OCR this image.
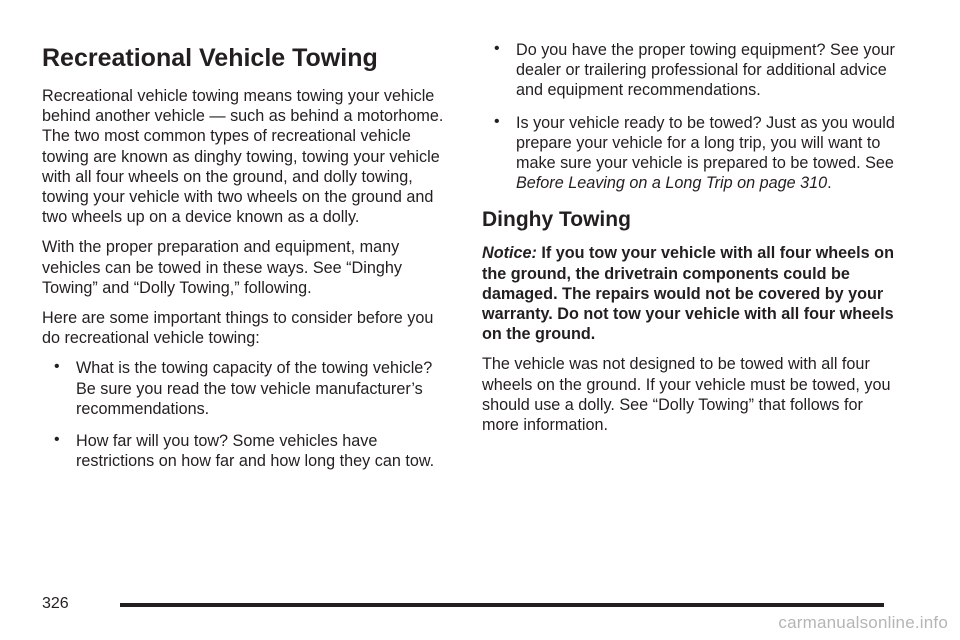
Recreational Vehicle Towing

Recreational vehicle towing means towing your vehicle behind another vehicle — such as behind a motorhome. The two most common types of recreational vehicle towing are known as dinghy towing, towing your vehicle with all four wheels on the ground, and dolly towing, towing your vehicle with two wheels on the ground and two wheels up on a device known as a dolly.

With the proper preparation and equipment, many vehicles can be towed in these ways. See “Dinghy Towing” and “Dolly Towing,” following.

Here are some important things to consider before you do recreational vehicle towing:

• What is the towing capacity of the towing vehicle? Be sure you read the tow vehicle manufacturer’s recommendations.
• How far will you tow? Some vehicles have restrictions on how far and how long they can tow.
• Do you have the proper towing equipment? See your dealer or trailering professional for additional advice and equipment recommendations.
• Is your vehicle ready to be towed? Just as you would prepare your vehicle for a long trip, you will want to make sure your vehicle is prepared to be towed. See Before Leaving on a Long Trip on page 310.
Dinghy Towing

Notice: If you tow your vehicle with all four wheels on the ground, the drivetrain components could be damaged. The repairs would not be covered by your warranty. Do not tow your vehicle with all four wheels on the ground.

The vehicle was not designed to be towed with all four wheels on the ground. If your vehicle must be towed, you should use a dolly. See “Dolly Towing” that follows for more information.

326
carmanualsonline.info
